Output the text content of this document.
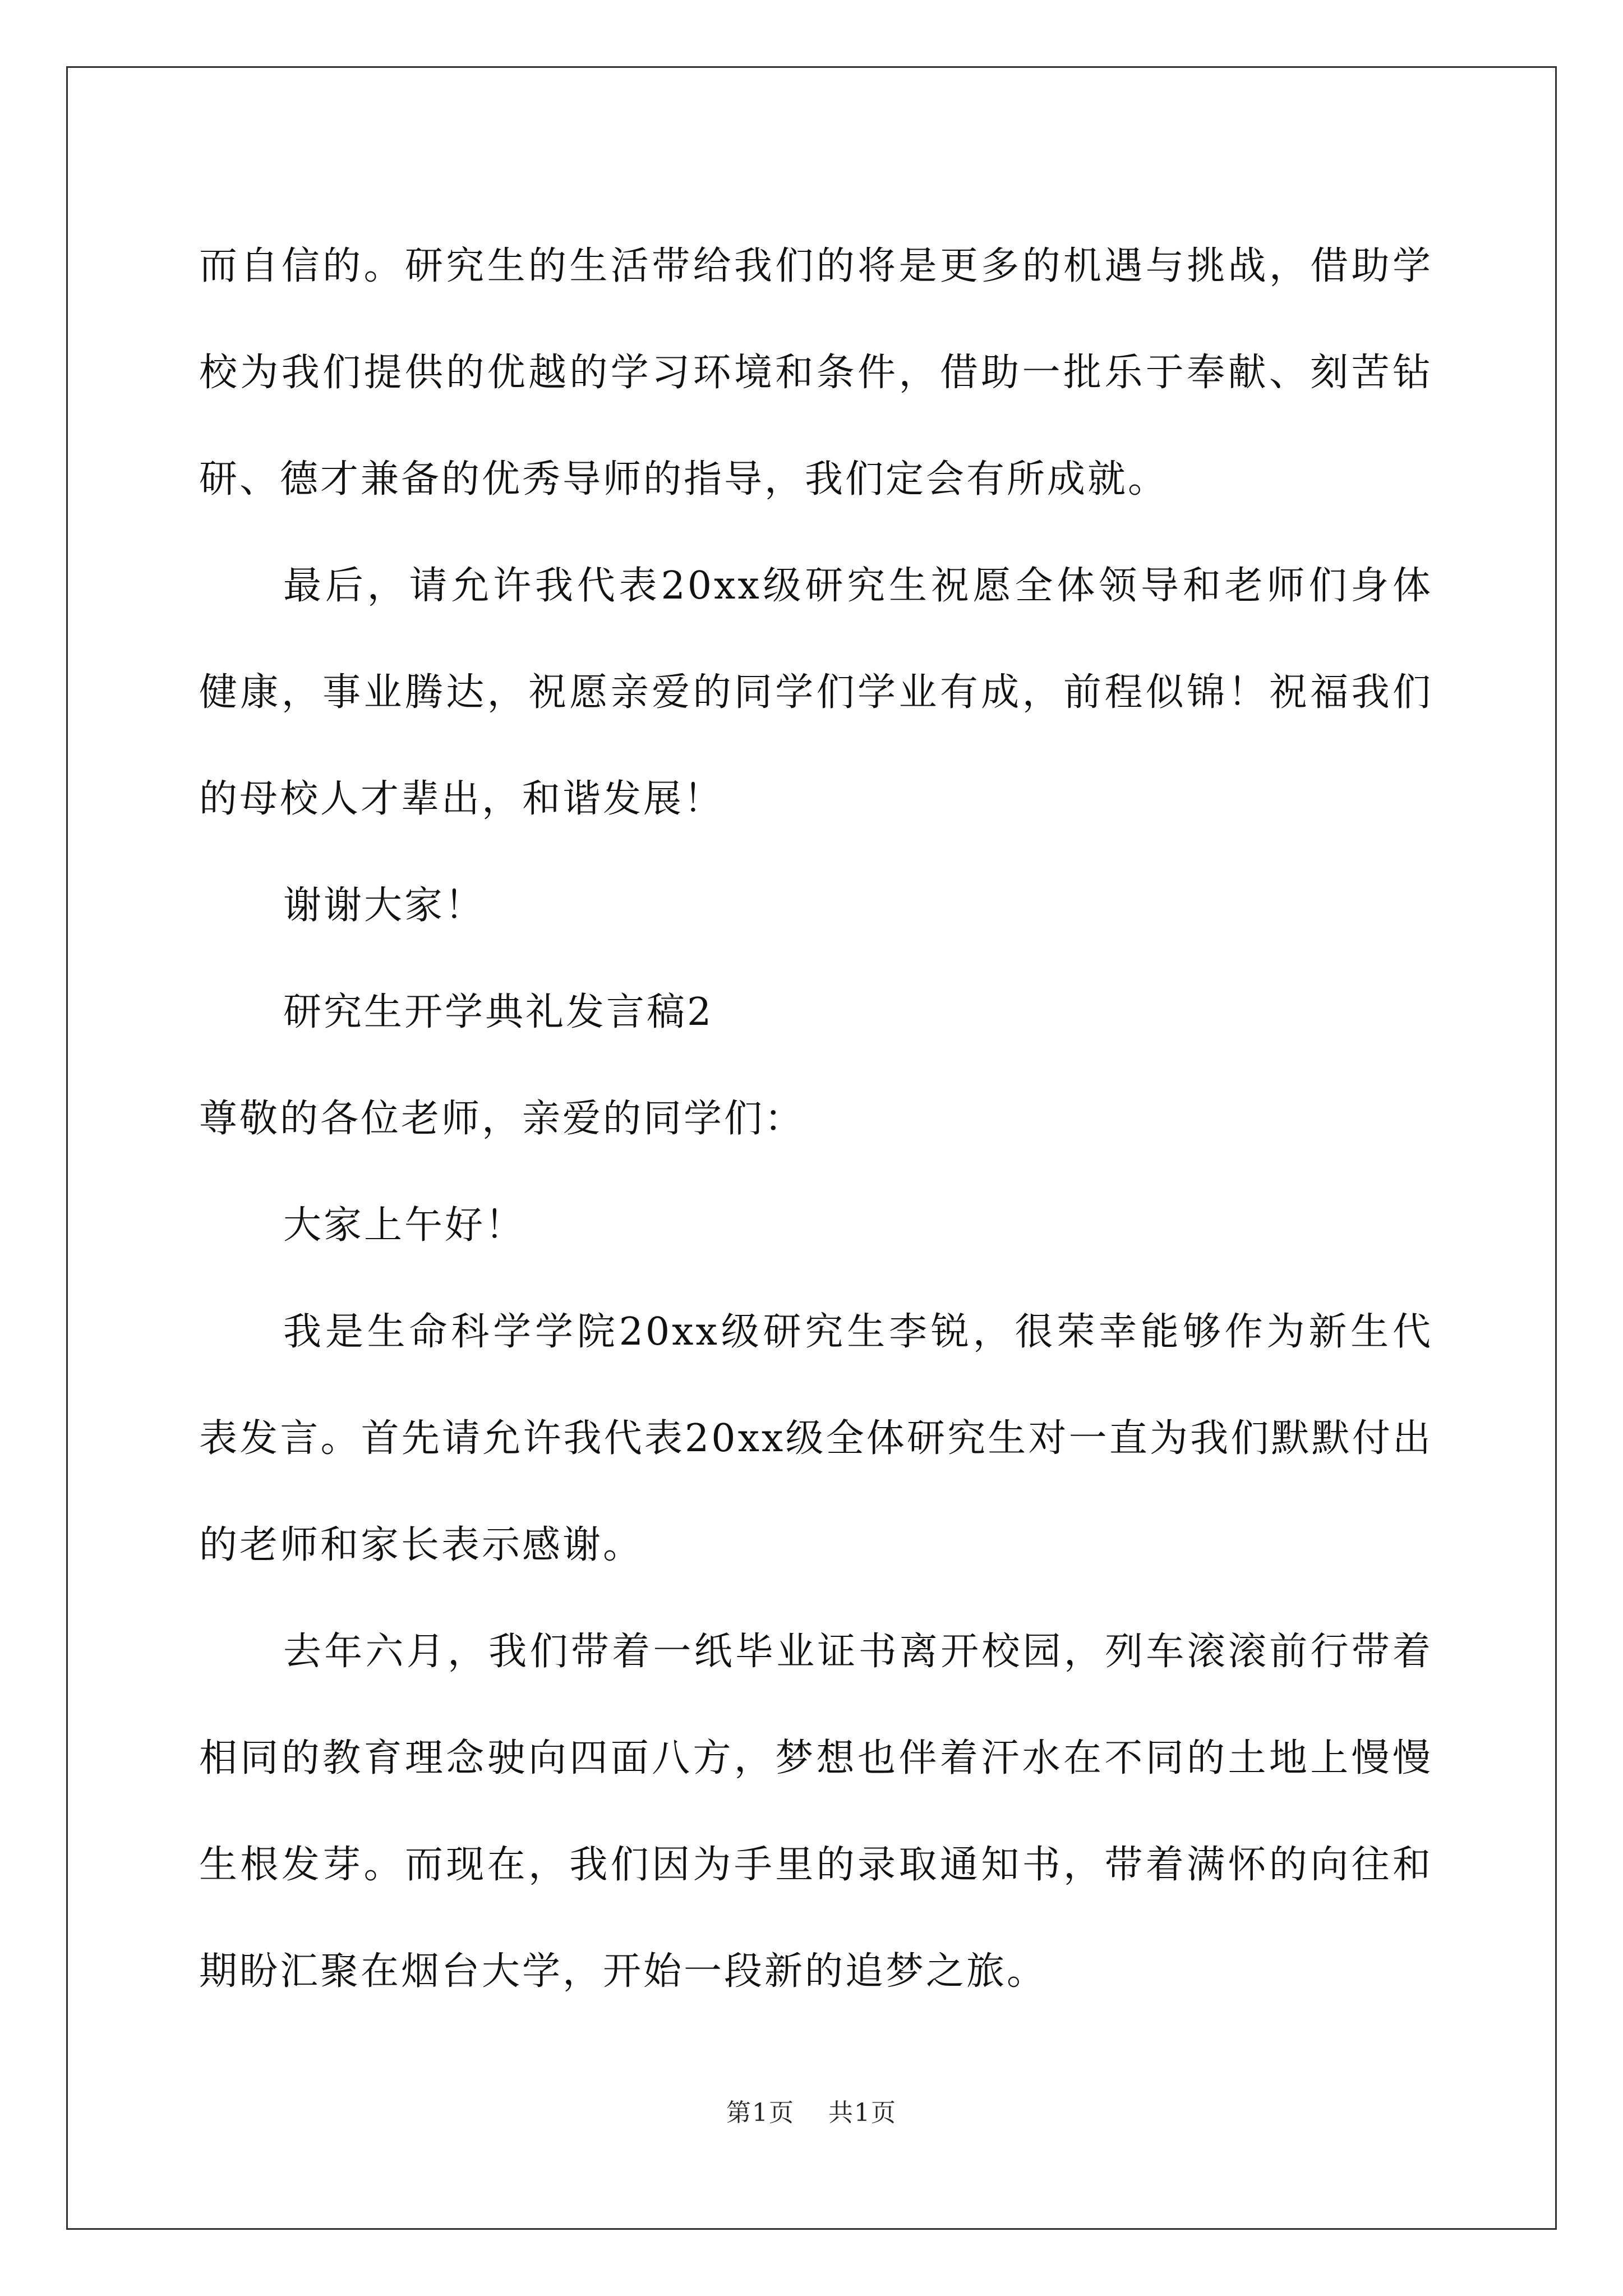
而自信的。研究生的生活带给我们的将是更多的机遇与挑战，借助学校为我们提供的优越的学习环境和条件，借助一批乐于奉献、刻苦钻研、德才兼备的优秀导师的指导，我们定会有所成就。

最后，请允许我代表20xx级研究生祝愿全体领导和老师们身体健康，事业腾达，祝愿亲爱的同学们学业有成，前程似锦！祝福我们的母校人才辈出，和谐发展！

谢谢大家！

研究生开学典礼发言稿2

尊敬的各位老师，亲爱的同学们：

大家上午好！

我是生命科学学院20xx级研究生李锐，很荣幸能够作为新生代表发言。首先请允许我代表20xx级全体研究生对一直为我们默默付出的老师和家长表示感谢。

去年六月，我们带着一纸毕业证书离开校园，列车滚滚前行带着相同的教育理念驶向四面八方，梦想也伴着汗水在不同的土地上慢慢生根发芽。而现在，我们因为手里的录取通知书，带着满怀的向往和期盼汇聚在烟台大学，开始一段新的追梦之旅。

第1页 共1页
